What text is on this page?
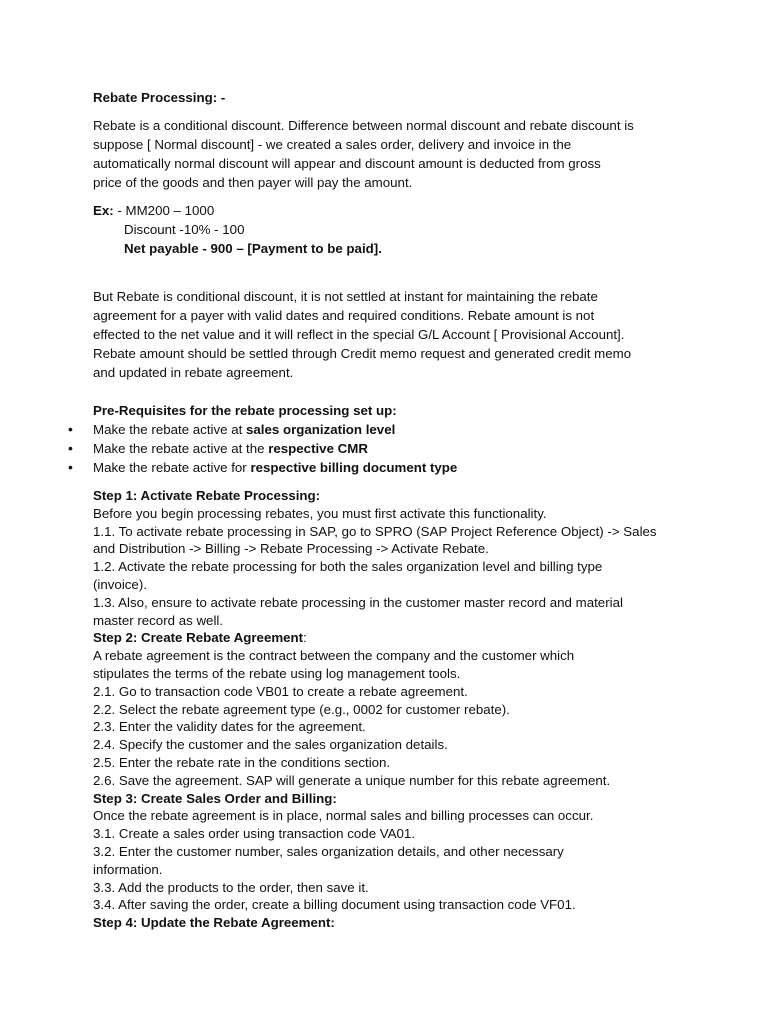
Rebate Processing: -
Rebate is a conditional discount. Difference between normal discount and rebate discount is
suppose [ Normal discount] - we created a sales order, delivery and invoice in the
automatically normal discount will appear and discount amount is deducted from gross
price of the goods and then payer will pay the amount.
Ex: - MM200 – 1000
Discount -10% - 100
Net payable - 900 – [Payment to be paid].
But Rebate is conditional discount, it is not settled at instant for maintaining the rebate
agreement for a payer with valid dates and required conditions. Rebate amount is not
effected to the net value and it will reflect in the special G/L Account [ Provisional Account].
Rebate amount should be settled through Credit memo request and generated credit memo
and updated in rebate agreement.
Pre-Requisites for the rebate processing set up:
• Make the rebate active at sales organization level
• Make the rebate active at the respective CMR
• Make the rebate active for respective billing document type
Step 1: Activate Rebate Processing:
Before you begin processing rebates, you must first activate this functionality.
1.1. To activate rebate processing in SAP, go to SPRO (SAP Project Reference Object) -> Sales
and Distribution -> Billing -> Rebate Processing -> Activate Rebate.
1.2. Activate the rebate processing for both the sales organization level and billing type
(invoice).
1.3. Also, ensure to activate rebate processing in the customer master record and material
master record as well.
Step 2: Create Rebate Agreement:
A rebate agreement is the contract between the company and the customer which
stipulates the terms of the rebate using log management tools.
2.1. Go to transaction code VB01 to create a rebate agreement.
2.2. Select the rebate agreement type (e.g., 0002 for customer rebate).
2.3. Enter the validity dates for the agreement.
2.4. Specify the customer and the sales organization details.
2.5. Enter the rebate rate in the conditions section.
2.6. Save the agreement. SAP will generate a unique number for this rebate agreement.
Step 3: Create Sales Order and Billing:
Once the rebate agreement is in place, normal sales and billing processes can occur.
3.1. Create a sales order using transaction code VA01.
3.2. Enter the customer number, sales organization details, and other necessary
information.
3.3. Add the products to the order, then save it.
3.4. After saving the order, create a billing document using transaction code VF01.
Step 4: Update the Rebate Agreement:
